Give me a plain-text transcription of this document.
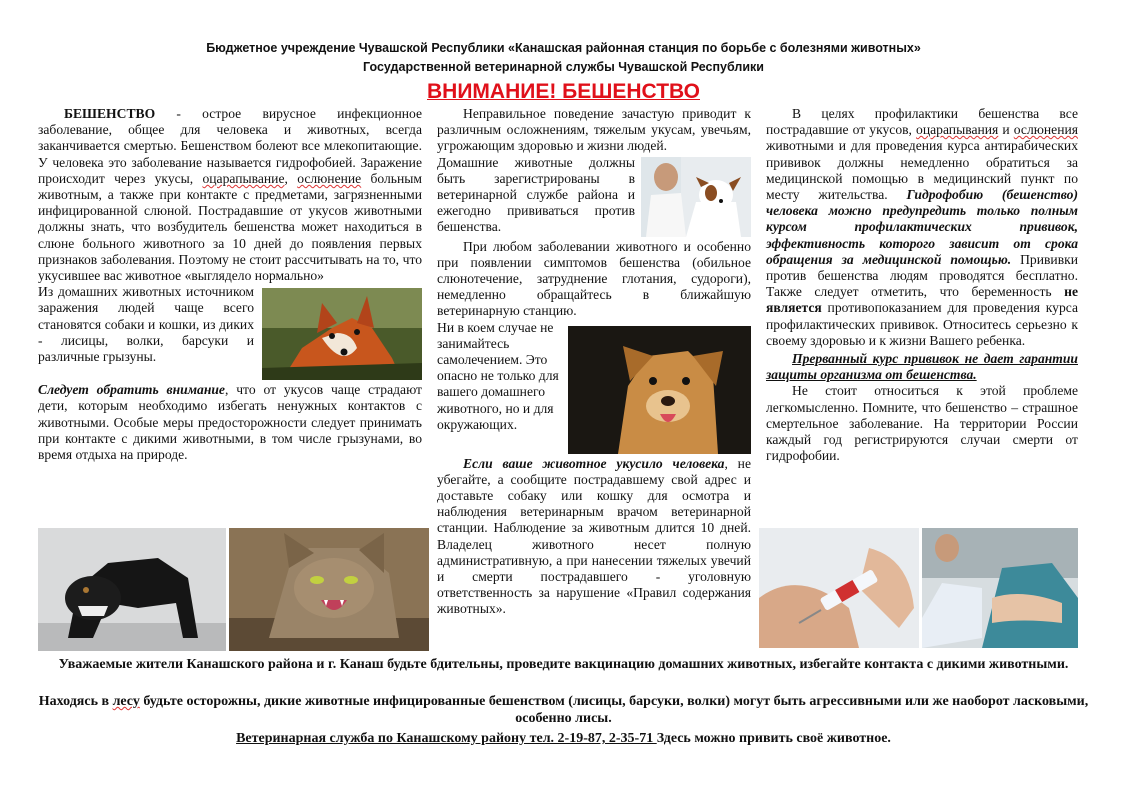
Бюджетное учреждение Чувашской Республики «Канашская районная станция по борьбе с болезнями животных»
Государственной ветеринарной службы Чувашской Республики
ВНИМАНИЕ! БЕШЕНСТВО

БЕШЕНСТВО - острое вирусное инфекционное заболевание, общее для человека и животных, всегда заканчивается смертью. Бешенством болеют все млекопитающие. У человека это заболевание называется гидрофобией. Заражение происходит через укусы, оцарапывание, ослюнение больным животным, а также при контакте с предметами, загрязненными инфицированной слюной. Пострадавшие от укусов животными должны знать, что возбудитель бешенства может находиться в слюне больного животного за 10 дней до появления первых признаков заболевания. Поэтому не стоит рассчитывать на то, что укусившее вас животное «выглядело нормально»

Из домашних животных источником заражения людей чаще всего становятся собаки и кошки, из диких - лисицы, волки, барсуки и различные грызуны.

Следует обратить внимание, что от укусов чаще страдают дети, которым необходимо избегать ненужных контактов с животными. Особые меры предосторожности следует принимать при контакте с дикими животными, в том числе грызунами, во время отдыха на природе.

Неправильное поведение зачастую приводит к различным осложнениям, тяжелым укусам, увечьям, угрожающим здоровью и жизни людей.

Домашние животные должны быть зарегистрированы в ветеринарной службе района и ежегодно прививаться против бешенства.

При любом заболевании животного и особенно при появлении симптомов бешенства (обильное слюнотечение, затруднение глотания, судороги), немедленно обращайтесь в ближайшую ветеринарную станцию.

Ни в коем случае не занимайтесь самолечением. Это опасно не только для вашего домашнего животного, но и для окружающих.

Если ваше животное укусило человека, не убегайте, а сообщите пострадавшему свой адрес и доставьте собаку или кошку для осмотра и наблюдения ветеринарным врачом ветеринарной станции. Наблюдение за животным длится 10 дней. Владелец животного несет полную административную, а при нанесении тяжелых увечий и смерти пострадавшего - уголовную ответственность за нарушение «Правил содержания животных».

В целях профилактики бешенства все пострадавшие от укусов, оцарапывания и ослюнения животными и для проведения курса антирабических прививок должны немедленно обратиться за медицинской помощью в медицинский пункт по месту жительства. Гидрофобию (бешенство) человека можно предупредить только полным курсом профилактических прививок, эффективность которого зависит от срока обращения за медицинской помощью. Прививки против бешенства людям проводятся бесплатно. Также следует отметить, что беременность не является противопоказанием для проведения курса профилактических прививок. Относитесь серьезно к своему здоровью и к жизни Вашего ребенка.

Прерванный курс прививок не дает гарантии защиты организма от бешенства.

Не стоит относиться к этой проблеме легкомысленно. Помните, что бешенство – страшное смертельное заболевание. На территории России каждый год регистрируются случаи смерти от гидрофобии.

Уважаемые жители Канашского района и г. Канаш будьте бдительны, проведите вакцинацию домашних животных, избегайте контакта с дикими животными.
Находясь в лесу будьте осторожны, дикие животные инфицированные бешенством (лисицы, барсуки, волки) могут быть агрессивными или же наоборот ласковыми, особенно лисы.
Ветеринарная служба по Канашскому району тел. 2-19-87, 2-35-71 Здесь можно привить своё животное.
